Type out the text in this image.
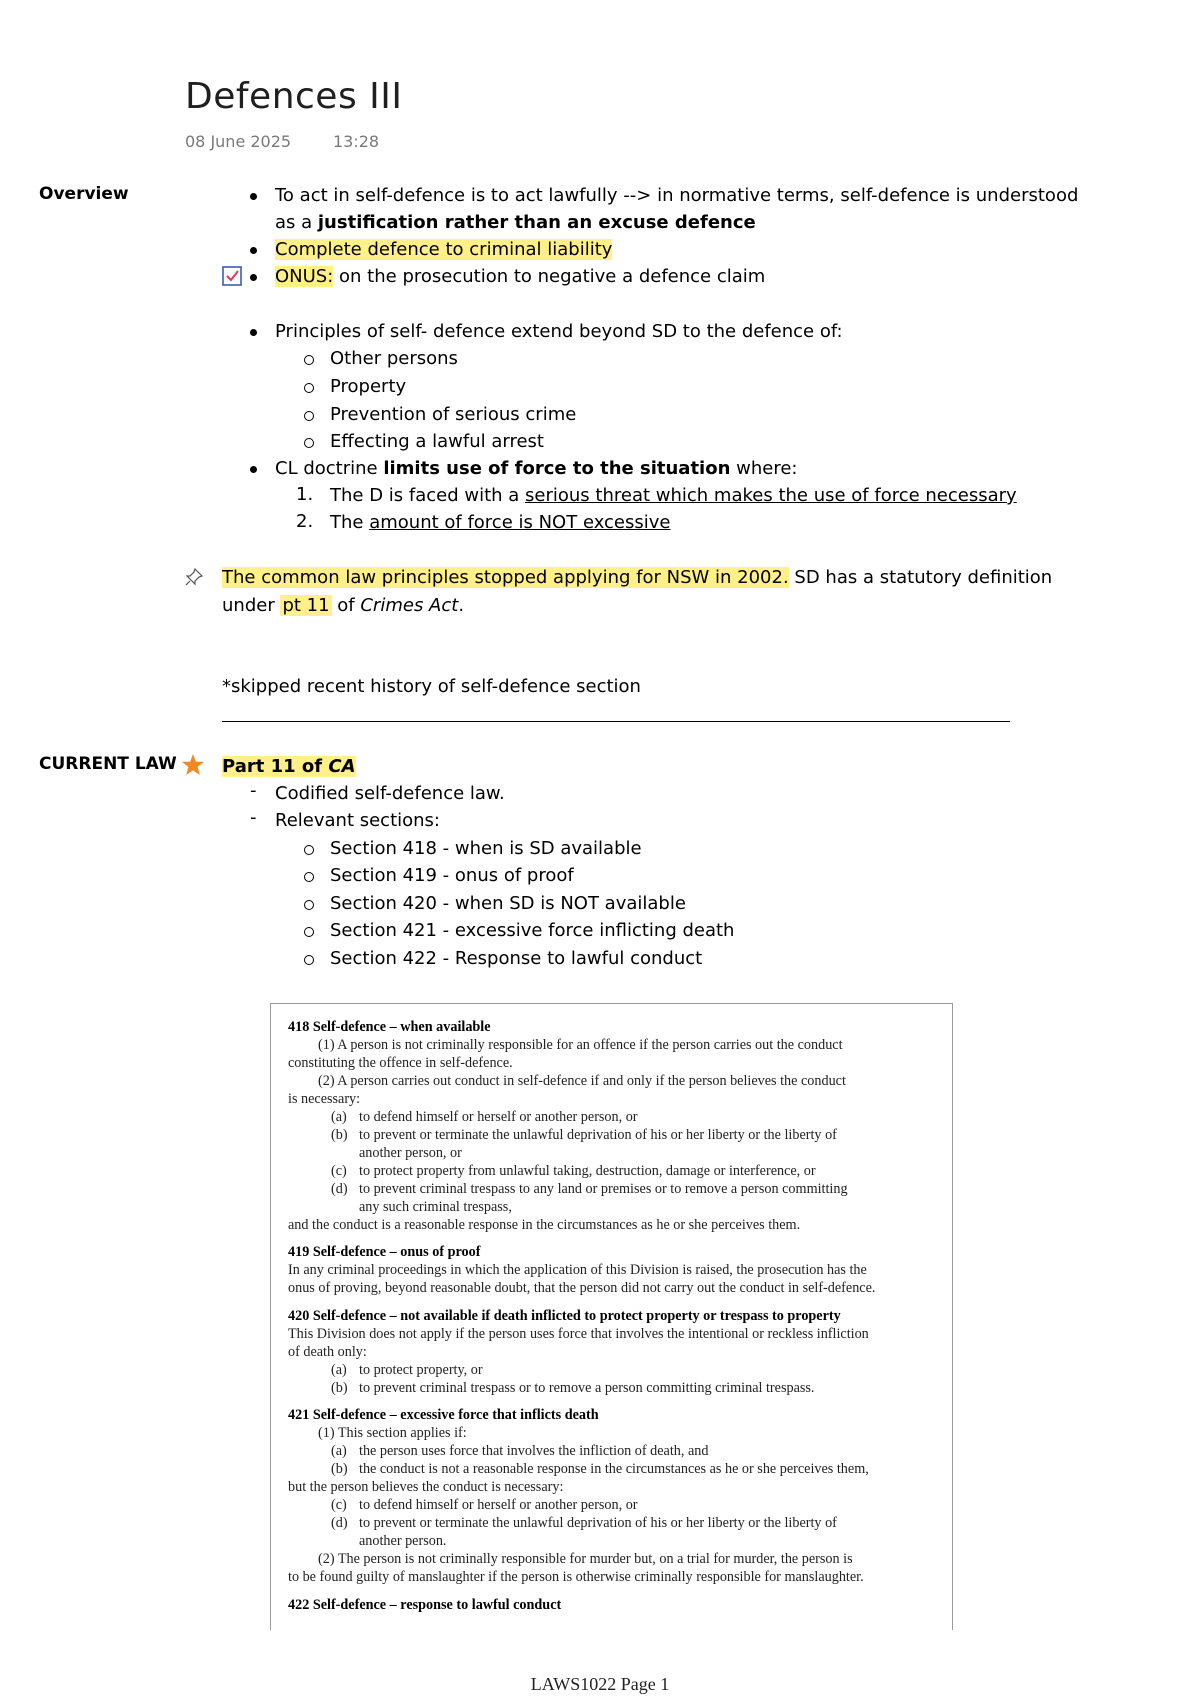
Defences III
08 June 2025	13:28
Overview	To act in self-defence is to act lawfully --> in normative terms, self-defence is understood
as a justification rather than an excuse defence
Complete defence to criminal liability
ONUS: on the prosecution to negative a defence claim
Principles of self- defence extend beyond SD to the defence of:
Other persons
Property
Prevention of serious crime
Effecting a lawful arrest
CL doctrine limits use of force to the situation where:
1. The D is faced with a serious threat which makes the use of force necessary
2. The amount of force is NOT excessive
The common law principles stopped applying for NSW in 2002. SD has a statutory definition
under pt 11 of Crimes Act.
*skipped recent history of self-defence section
CURRENT LAW	Part 11 of CA
- Codified self-defence law.
- Relevant sections:
Section 418 - when is SD available
Section 419 - onus of proof
Section 420 - when SD is NOT available
Section 421 - excessive force inflicting death
Section 422 - Response to lawful conduct
418 Self-defence – when available
(1) A person is not criminally responsible for an offence if the person carries out the conduct
constituting the offence in self-defence.
(2) A person carries out conduct in self-defence if and only if the person believes the conduct
is necessary:
(a) to defend himself or herself or another person, or
(b) to prevent or terminate the unlawful deprivation of his or her liberty or the liberty of
another person, or
(c) to protect property from unlawful taking, destruction, damage or interference, or
(d) to prevent criminal trespass to any land or premises or to remove a person committing
any such criminal trespass,
and the conduct is a reasonable response in the circumstances as he or she perceives them.
419 Self-defence – onus of proof
In any criminal proceedings in which the application of this Division is raised, the prosecution has the
onus of proving, beyond reasonable doubt, that the person did not carry out the conduct in self-defence.
420 Self-defence – not available if death inflicted to protect property or trespass to property
This Division does not apply if the person uses force that involves the intentional or reckless infliction
of death only:
(a) to protect property, or
(b) to prevent criminal trespass or to remove a person committing criminal trespass.
421 Self-defence – excessive force that inflicts death
(1) This section applies if:
(a) the person uses force that involves the infliction of death, and
(b) the conduct is not a reasonable response in the circumstances as he or she perceives them,
but the person believes the conduct is necessary:
(c) to defend himself or herself or another person, or
(d) to prevent or terminate the unlawful deprivation of his or her liberty or the liberty of
another person.
(2) The person is not criminally responsible for murder but, on a trial for murder, the person is
to be found guilty of manslaughter if the person is otherwise criminally responsible for manslaughter.
422 Self-defence – response to lawful conduct
LAWS1022 Page 1
